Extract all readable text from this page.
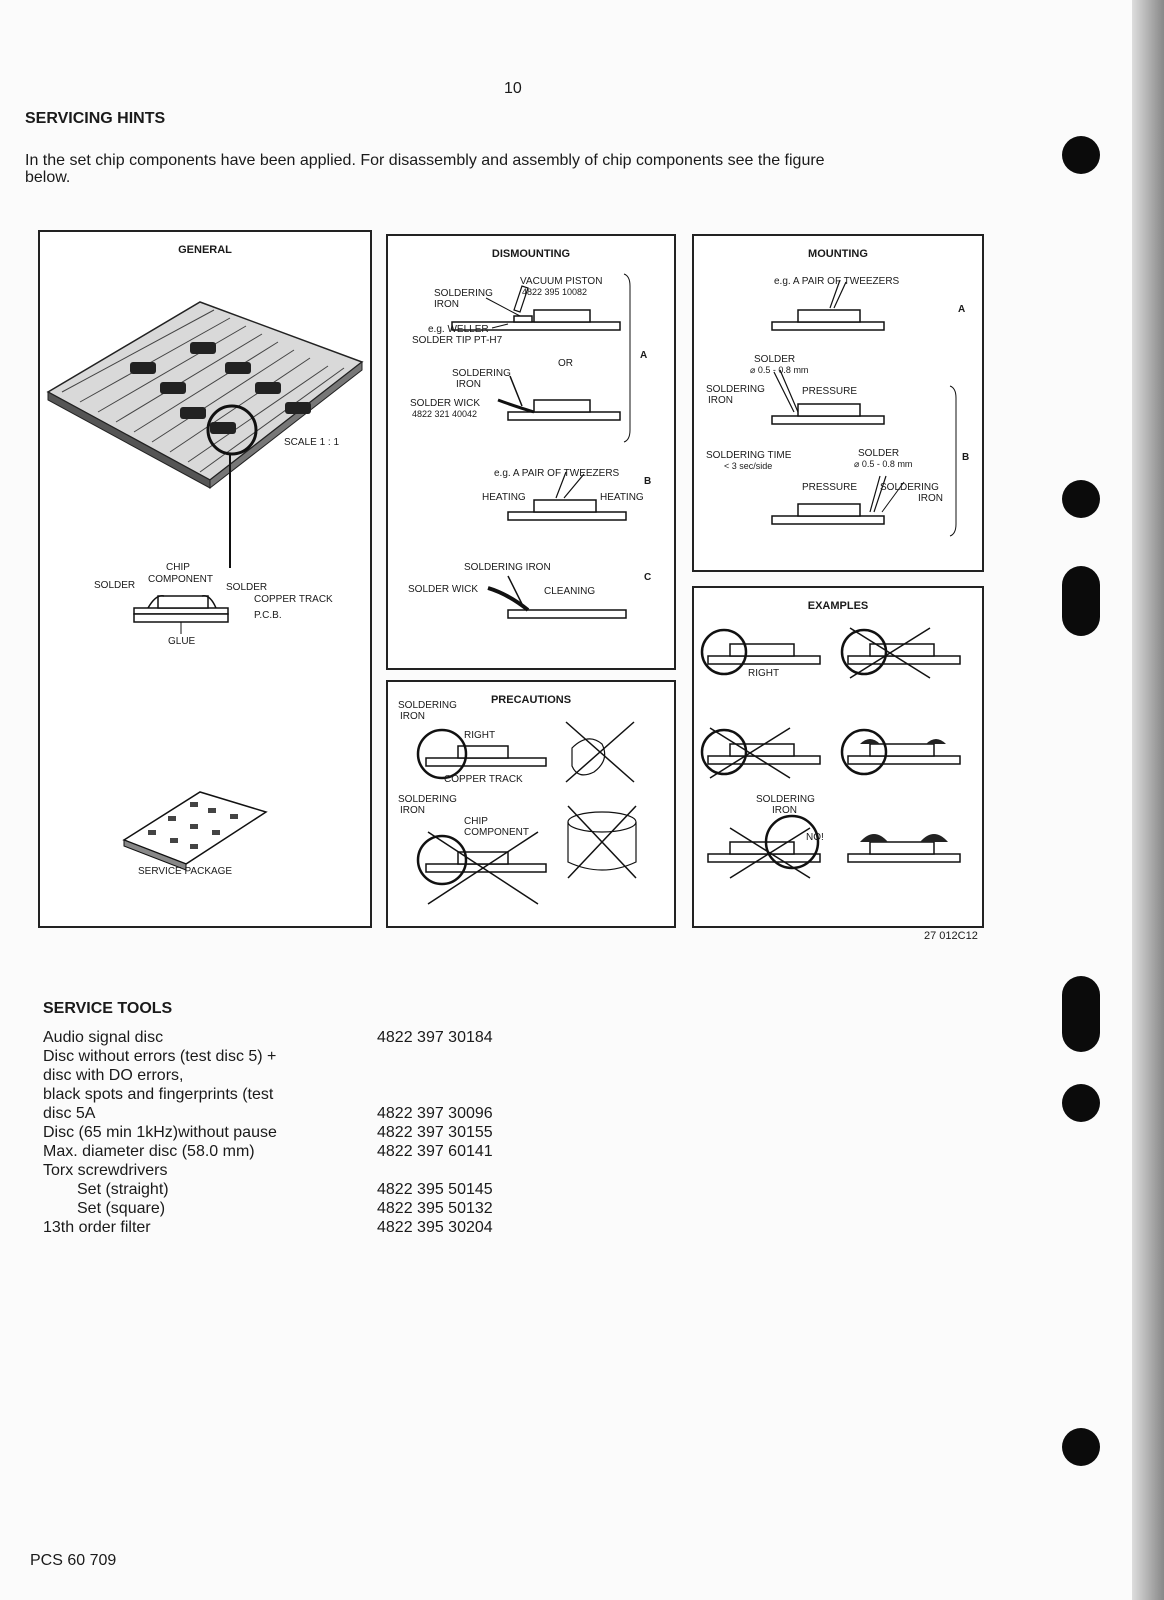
10
SERVICING HINTS
In the set chip components have been applied. For disassembly and assembly of chip components see the figure
below.
GENERAL
SCALE 1 : 1
CHIP
COMPONENT
SOLDER	SOLDER
COPPER TRACK
P.C.B.
GLUE
SERVICE PACKAGE
DISMOUNTING
VACUUM PISTON
4822 395 10082
SOLDERING
IRON
e.g. WELLER
SOLDER TIP PT-H7
OR
A
SOLDERING
IRON
SOLDER WICK
4822 321 40042
e.g. A PAIR OF TWEEZERS
B
HEATING	HEATING
SOLDERING IRON
C
SOLDER WICK	CLEANING
MOUNTING
e.g. A PAIR OF TWEEZERS
A
SOLDER
⌀ 0.5 - 0.8 mm
SOLDERING
IRON
PRESSURE
SOLDERING TIME
< 3 sec/side
SOLDER
⌀ 0.5 - 0.8 mm
B
PRESSURE SOLDERING
IRON
PRECAUTIONS
SOLDERING
IRON
RIGHT
COPPER TRACK
SOLDERING
IRON
CHIP
COMPONENT
EXAMPLES
RIGHT
SOLDERING
IRON
NO!
27 012C12
SERVICE TOOLS
Audio signal disc	4822 397 30184
Disc without errors (test disc 5) +
disc with DO errors,
black spots and fingerprints (test
disc 5A	4822 397 30096
Disc (65 min 1kHz)without pause	4822 397 30155
Max. diameter disc (58.0 mm)	4822 397 60141
Torx screwdrivers
Set (straight)	4822 395 50145
Set (square)	4822 395 50132
13th order filter	4822 395 30204
PCS 60 709
